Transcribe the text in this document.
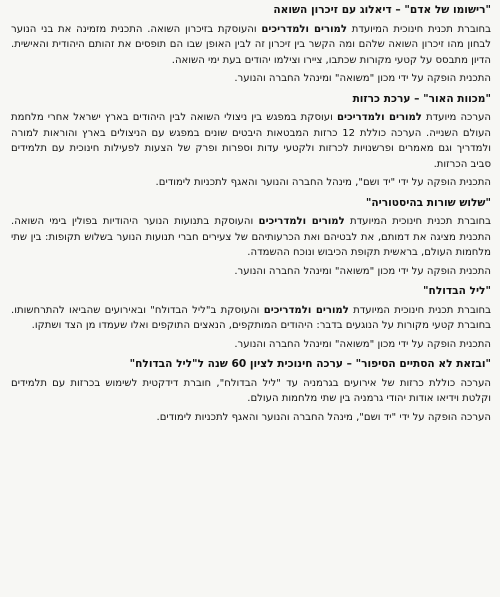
"רישומו של אדם" – דיאלוג עם זיכרון השואה

בחוברת תכנית חינוכית המיועדת למורים ולמדריכים והעוסקת בזיכרון השואה. התכנית מזמינה את בני הנוער לבחון מהו זיכרון השואה שלהם ומה הקשר בין זיכרון זה לבין האופן שבו הם תופסים את זהותם היהודית והאישית. הדיון מתבסס על קטעי מקורות שכתבו, ציירו וצילמו יהודים בעת ימי השואה.

התכנית הופקה על ידי מכון "משואה" ומינהל החברה והנוער.

"מכוות האור" – ערכת כרזות

הערכה מיועדת למורים ולמדריכים ועוסקת במפגש בין ניצולי השואה לבין היהודים בארץ ישראל אחרי מלחמת העולם השנייה. הערכה כוללת 12 כרזות המבטאות היבטים שונים במפגש עם הניצולים בארץ והוראות למורה ולמדריך וגם מאמרים ופרשנויות לכרזות ולקטעי עדות וספרות ופרק של הצעות לפעילות חינוכית עם תלמידים סביב הכרזות.

התכנית הופקה על ידי "יד ושם", מינהל החברה והנוער והאגף לתכניות לימודים.

"שלוש שורות בהיסטוריה"

בחוברת תכנית חינוכית המיועדת למורים ולמדריכים והעוסקת בתנועות הנוער היהודיות בפולין בימי השואה. התכנית מציגה את דמותם, את לבטיהם ואת הכרעותיהם של צעירים חברי תנועות הנוער בשלוש תקופות: בין שתי מלחמות העולם, בראשית תקופת הכיבוש ונוכח ההשמדה.

התכנית הופקה על ידי מכון "משואה" ומינהל החברה והנוער.

"ליל הבדולח"

בחוברת תכנית חינוכית המיועדת למורים ולמדריכים והעוסקת ב"ליל הבדולח" ובאירועים שהביאו להתרחשותו. בחוברת קטעי מקורות על הנוגעים בדבר: היהודים המותקפים, הנאצים התוקפים ואלו שעמדו מן הצד ושתקו.

התכנית הופקה על ידי מכון "משואה" ומינהל החברה והנוער.

"ובזאת לא הסתיים הסיפור" – ערכה חינוכית לציון 60 שנה ל"ליל הבדולח"

הערכה כוללת כרזות של אירועים בגרמניה עד "ליל הבדולח", חוברת דידקטית לשימוש בכרזות עם תלמידים וקלטת וידיאו אודות יהודי גרמניה בין שתי מלחמות העולם.

הערכה הופקה על ידי "יד ושם", מינהל החברה והנוער והאגף לתכניות לימודים.
